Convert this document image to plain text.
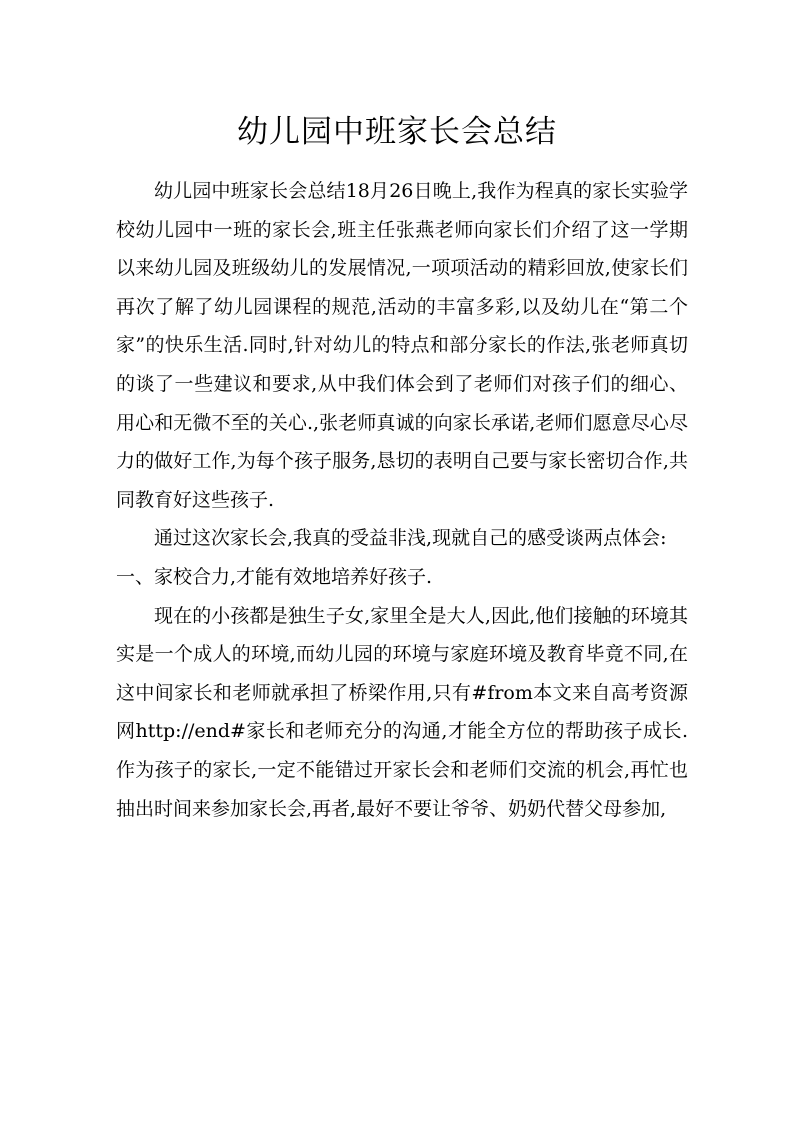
幼儿园中班家长会总结

幼儿园中班家长会总结18月26日晚上,我作为程真的家长实验学校幼儿园中一班的家长会,班主任张燕老师向家长们介绍了这一学期以来幼儿园及班级幼儿的发展情况,一项项活动的精彩回放,使家长们再次了解了幼儿园课程的规范,活动的丰富多彩,以及幼儿在“第二个家”的快乐生活.同时,针对幼儿的特点和部分家长的作法,张老师真切的谈了一些建议和要求,从中我们体会到了老师们对孩子们的细心、用心和无微不至的关心.,张老师真诚的向家长承诺,老师们愿意尽心尽力的做好工作,为每个孩子服务,恳切的表明自己要与家长密切合作,共同教育好这些孩子.

通过这次家长会,我真的受益非浅,现就自己的感受谈两点体会:

一、家校合力,才能有效地培养好孩子.

现在的小孩都是独生子女,家里全是大人,因此,他们接触的环境其实是一个成人的环境,而幼儿园的环境与家庭环境及教育毕竟不同,在这中间家长和老师就承担了桥梁作用,只有#from本文来自高考资源网http://end#家长和老师充分的沟通,才能全方位的帮助孩子成长.作为孩子的家长,一定不能错过开家长会和老师们交流的机会,再忙也抽出时间来参加家长会,再者,最好不要让爷爷、奶奶代替父母参加,
